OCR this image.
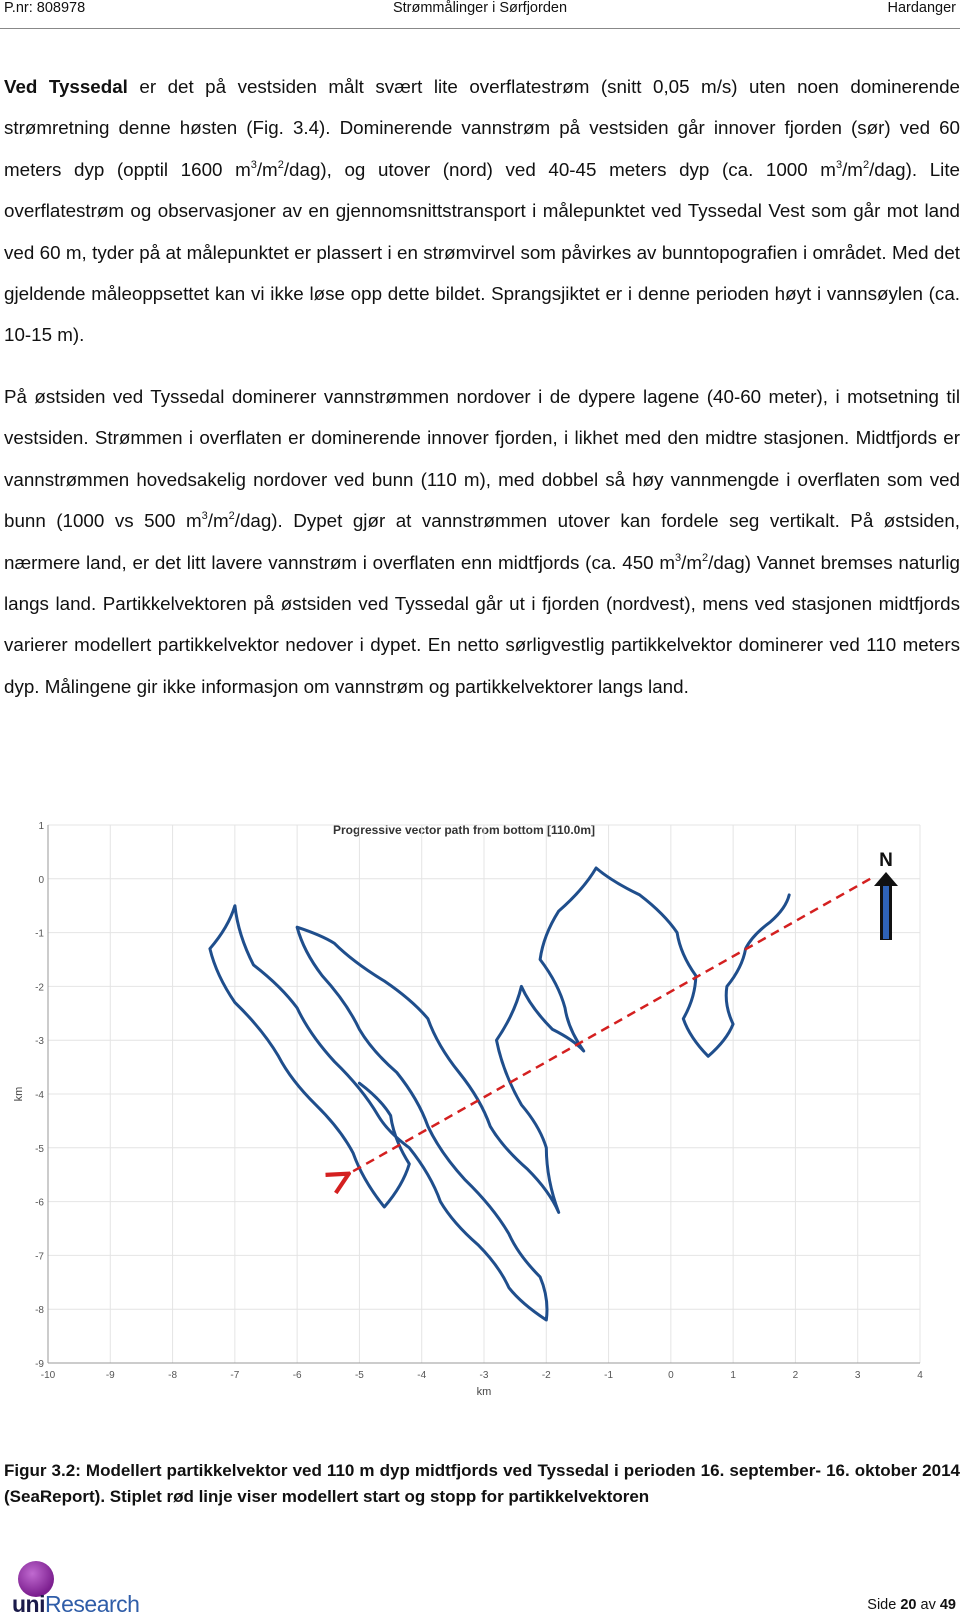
P.nr: 808978	Strømmålinger i Sørfjorden	Hardanger

Ved Tyssedal er det på vestsiden målt svært lite overflatestrøm (snitt 0,05 m/s) uten noen dominerende strømretning denne høsten (Fig. 3.4). Dominerende vannstrøm på vestsiden går innover fjorden (sør) ved 60 meters dyp (opptil 1600 $m^3/m^2/dag$), og utover (nord) ved 40-45 meters dyp (ca. 1000 $m^3/m^2/dag$). Lite overflatestrøm og observasjoner av en gjennomsnittstransport i målepunktet ved Tyssedal Vest som går mot land ved 60 m, tyder på at målepunktet er plassert i en strømvirvel som påvirkes av bunntopografien i området. Med det gjeldende måleoppsettet kan vi ikke løse opp dette bildet. Sprangsjiktet er i denne perioden høyt i vannsøylen (ca. 10-15 m).

På østsiden ved Tyssedal dominerer vannstrømmen nordover i de dypere lagene (40-60 meter), i motsetning til vestsiden. Strømmen i overflaten er dominerende innover fjorden, i likhet med den midtre stasjonen. Midtfjords er vannstrømmen hovedsakelig nordover ved bunn (110 m), med dobbel så høy vannmengde i overflaten som ved bunn (1000 vs 500 $m^3/m^2/dag$). Dypet gjør at vannstrømmen utover kan fordele seg vertikalt. På østsiden, nærmere land, er det litt lavere vannstrøm i overflaten enn midtfjords (ca. 450 $m^3/m^2/dag$) Vannet bremses naturlig langs land. Partikkelvektoren på østsiden ved Tyssedal går ut i fjorden (nordvest), mens ved stasjonen midtfjords varierer modellert partikkelvektor nedover i dypet. En netto sørligvestlig partikkelvektor dominerer ved 110 meters dyp. Målingene gir ikke informasjon om vannstrøm og partikkelvektorer langs land.

Progressive vector path from bottom [110.0m]
-10	-9	-8	-7	-6	-5	-4	-3	-2	-1	0	1	2	3	4
1
0
-1
-2
-3
-4
-5
-6
-7
-8
-9
km
km
N

Figur 3.2: Modellert partikkelvektor ved 110 m dyp midtfjords ved Tyssedal i perioden 16. september- 16. oktober 2014 (SeaReport). Stiplet rød linje viser modellert start og stopp for partikkelvektoren

uniResearch	Side 20 av 49
